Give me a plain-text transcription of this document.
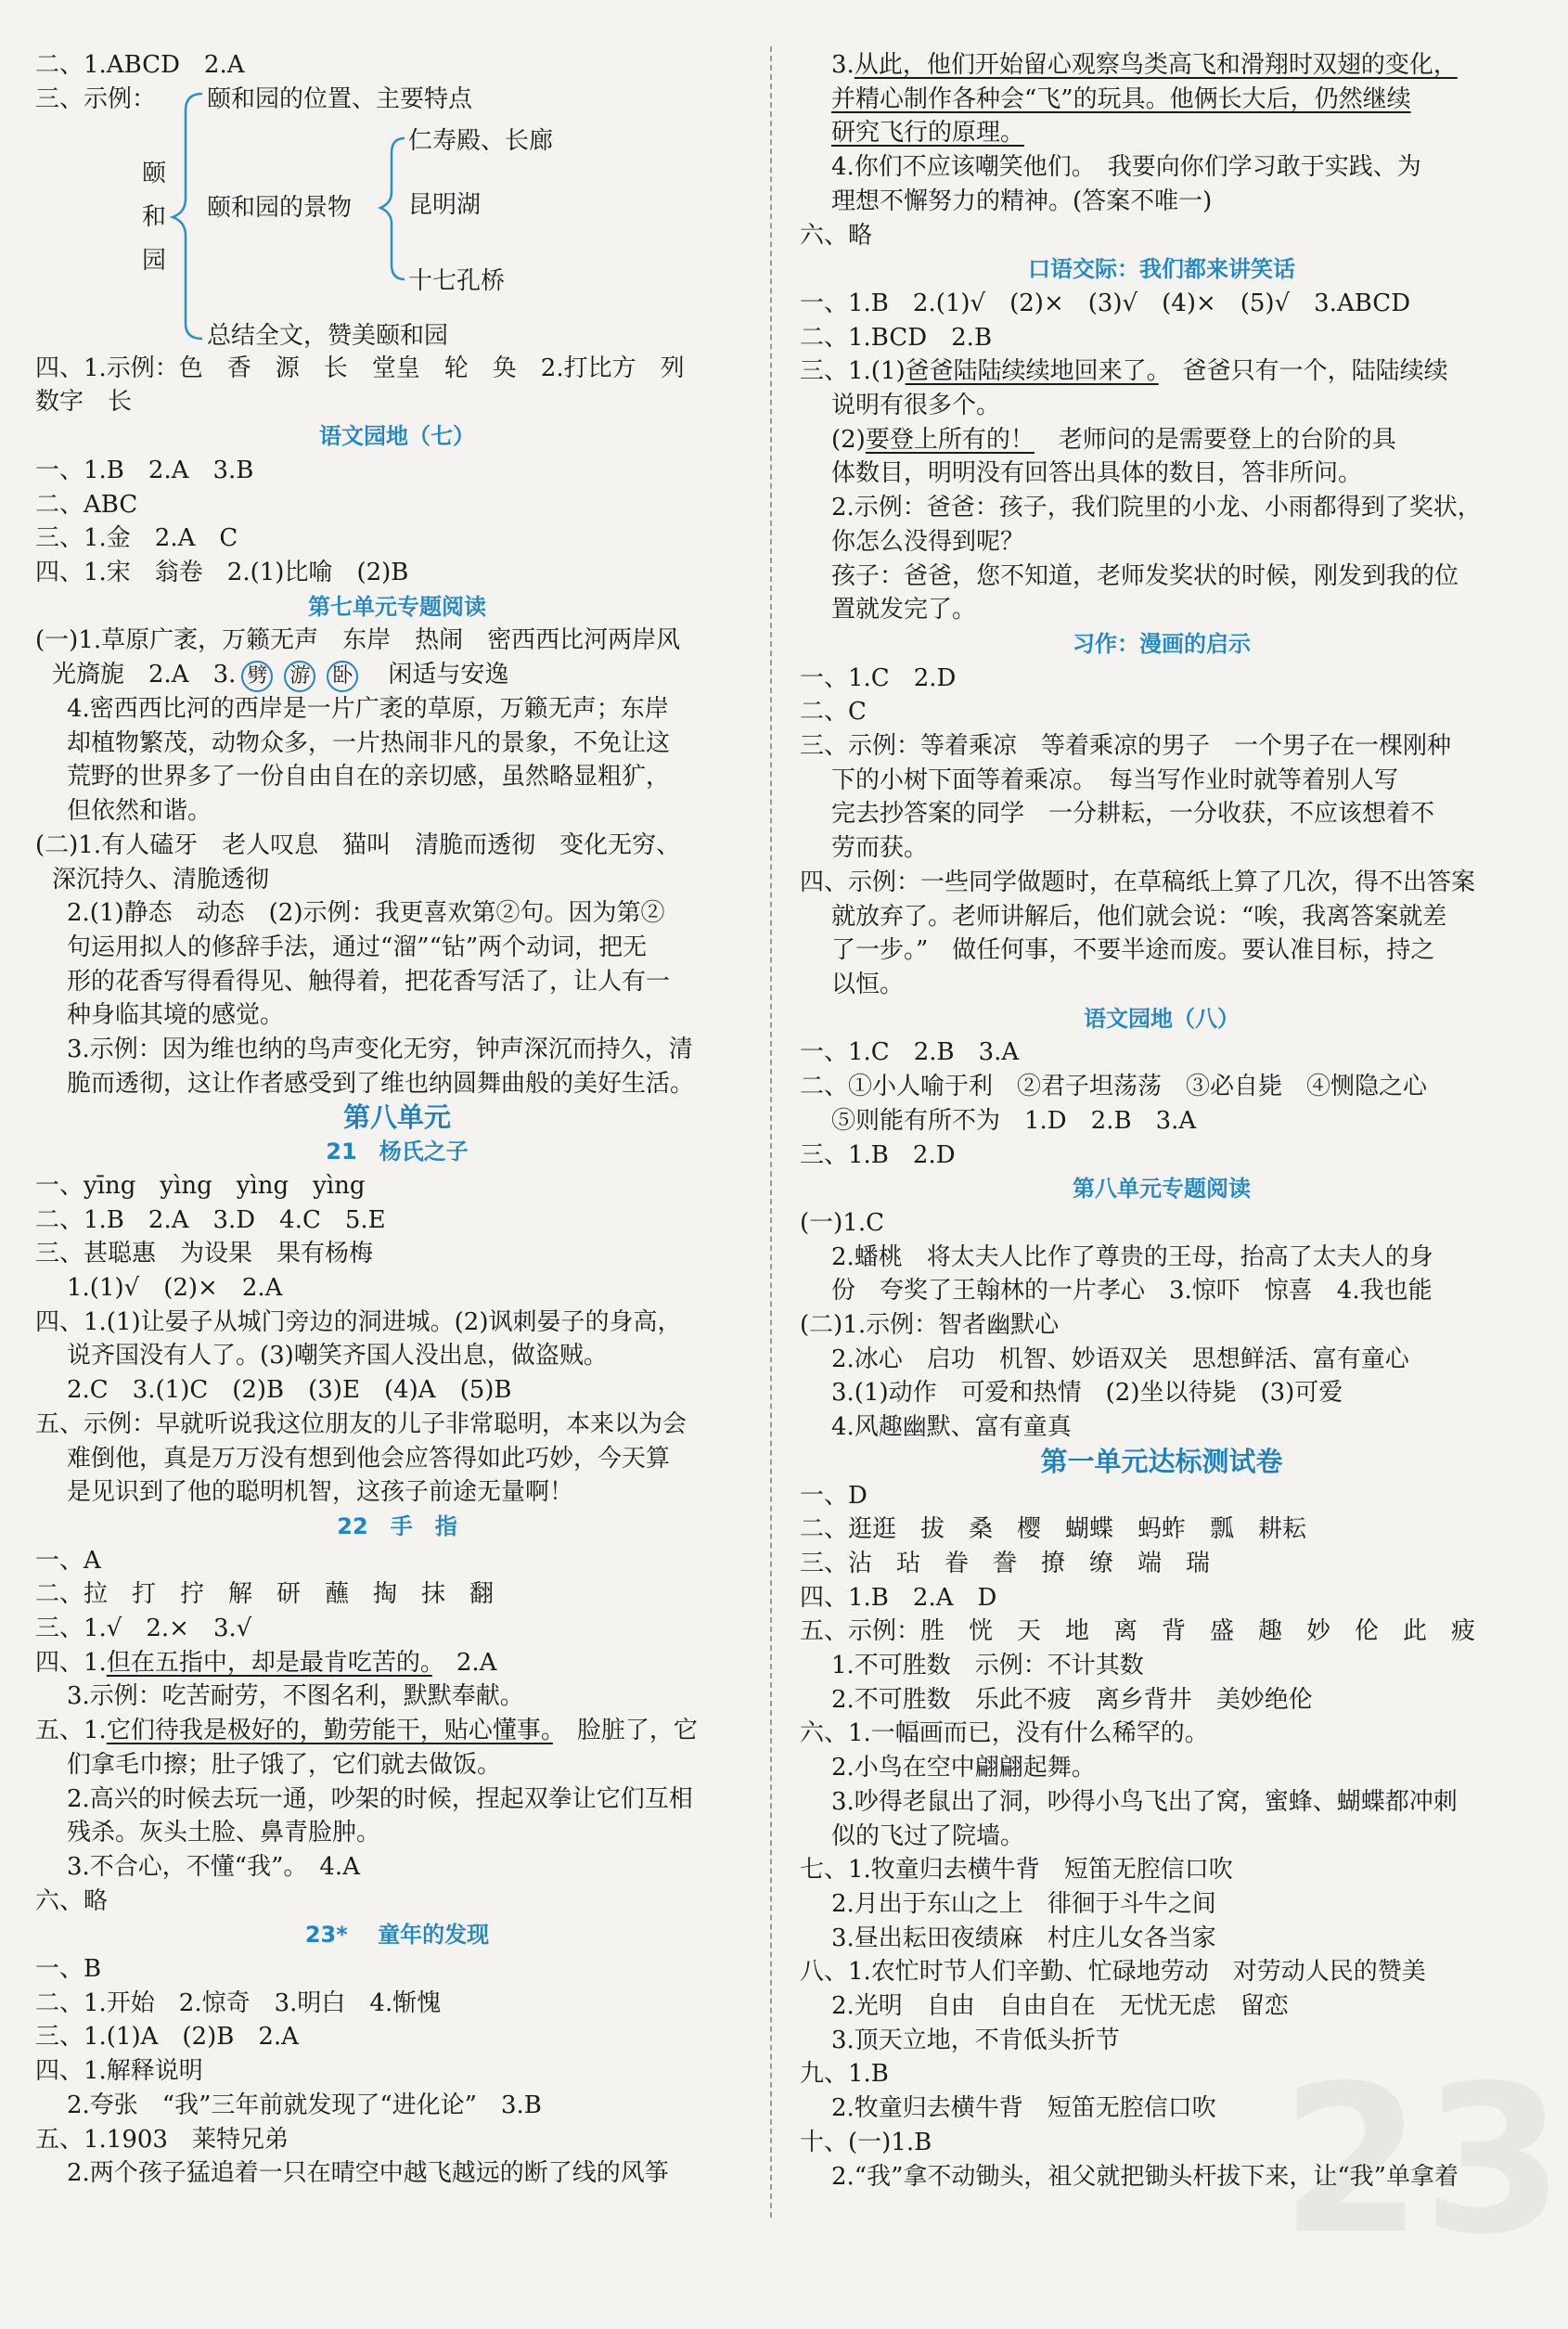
23
二、1.ABCD　2.A
三、示例：
颐
和
园
颐和园的位置、主要特点
颐和园的景物
总结全文，赞美颐和园
仁寿殿、长廊
昆明湖
十七孔桥
四、1.示例：色　香　源　长　堂皇　轮　奂　2.打比方　列
数字　长
语文园地（七）
一、1.B　2.A　3.B
二、ABC
三、1.金　2.A　C
四、1.宋　翁卷　2.(1)比喻　(2)B
第七单元专题阅读
(一)1.草原广袤，万籁无声　东岸　热闹　密西西比河两岸风
光旖旎　2.A　3. 劈 游 卧　闲适与安逸
4.密西西比河的西岸是一片广袤的草原，万籁无声；东岸
却植物繁茂，动物众多，一片热闹非凡的景象，不免让这
荒野的世界多了一份自由自在的亲切感，虽然略显粗犷，
但依然和谐。
(二)1.有人磕牙　老人叹息　猫叫　清脆而透彻　变化无穷、
深沉持久、清脆透彻
2.(1)静态　动态　(2)示例：我更喜欢第②句。因为第②
句运用拟人的修辞手法，通过“溜”“钻”两个动词，把无
形的花香写得看得见、触得着，把花香写活了，让人有一
种身临其境的感觉。
3.示例：因为维也纳的鸟声变化无穷，钟声深沉而持久，清
脆而透彻，这让作者感受到了维也纳圆舞曲般的美好生活。
第八单元
21　杨氏之子
一、yīng　yìng　yìng　yìng
二、1.B　2.A　3.D　4.C　5.E
三、甚聪惠　为设果　果有杨梅
1.(1)√　(2)×　2.A
四、1.(1)让晏子从城门旁边的洞进城。(2)讽刺晏子的身高，
说齐国没有人了。(3)嘲笑齐国人没出息，做盗贼。
2.C　3.(1)C　(2)B　(3)E　(4)A　(5)B
五、示例：早就听说我这位朋友的儿子非常聪明，本来以为会
难倒他，真是万万没有想到他会应答得如此巧妙，今天算
是见识到了他的聪明机智，这孩子前途无量啊！
22　手　指
一、A
二、拉　打　拧　解　研　蘸　掏　抹　翻
三、1.√　2.×　3.√
四、1.但在五指中，却是最肯吃苦的。　2.A
3.示例：吃苦耐劳，不图名利，默默奉献。
五、1.它们待我是极好的，勤劳能干，贴心懂事。　脸脏了，它
们拿毛巾擦；肚子饿了，它们就去做饭。
2.高兴的时候去玩一通，吵架的时候，捏起双拳让它们互相
残杀。灰头土脸、鼻青脸肿。
3.不合心，不懂“我”。　4.A
六、略
23* 　童年的发现
一、B
二、1.开始　2.惊奇　3.明白　4.惭愧
三、1.(1)A　(2)B　2.A
四、1.解释说明
2.夸张　“我”三年前就发现了“进化论”　3.B
五、1.1903　莱特兄弟
2.两个孩子猛追着一只在晴空中越飞越远的断了线的风筝
3.从此，他们开始留心观察鸟类高飞和滑翔时双翅的变化，
并精心制作各种会“飞”的玩具。他俩长大后，仍然继续
研究飞行的原理。
4.你们不应该嘲笑他们。　我要向你们学习敢于实践、为
理想不懈努力的精神。(答案不唯一)
六、略
口语交际：我们都来讲笑话
一、1.B　2.(1)√　(2)×　(3)√　(4)×　(5)√　3.ABCD
二、1.BCD　2.B
三、1.(1)爸爸陆陆续续地回来了。　爸爸只有一个，陆陆续续
说明有很多个。
(2)要登上所有的！　老师问的是需要登上的台阶的具
体数目，明明没有回答出具体的数目，答非所问。
2.示例：爸爸：孩子，我们院里的小龙、小雨都得到了奖状，
你怎么没得到呢？
孩子：爸爸，您不知道，老师发奖状的时候，刚发到我的位
置就发完了。
习作：漫画的启示
一、1.C　2.D
二、C
三、示例：等着乘凉　等着乘凉的男子　一个男子在一棵刚种
下的小树下面等着乘凉。　每当写作业时就等着别人写
完去抄答案的同学　一分耕耘，一分收获，不应该想着不
劳而获。
四、示例：一些同学做题时，在草稿纸上算了几次，得不出答案
就放弃了。老师讲解后，他们就会说：“唉，我离答案就差
了一步。”　做任何事，不要半途而废。要认准目标，持之
以恒。
语文园地（八）
一、1.C　2.B　3.A
二、①小人喻于利　②君子坦荡荡　③必自毙　④恻隐之心
⑤则能有所不为　1.D　2.B　3.A
三、1.B　2.D
第八单元专题阅读
(一)1.C
2.蟠桃　将太夫人比作了尊贵的王母，抬高了太夫人的身
份　夸奖了王翰林的一片孝心　3.惊吓　惊喜　4.我也能
(二)1.示例：智者幽默心
2.冰心　启功　机智、妙语双关　思想鲜活、富有童心
3.(1)动作　可爱和热情　(2)坐以待毙　(3)可爱
4.风趣幽默、富有童真
第一单元达标测试卷
一、D
二、逛逛　拔　桑　樱　蝴蝶　蚂蚱　瓢　耕耘
三、沾　玷　眷　誊　撩　缭　端　瑞
四、1.B　2.A　D
五、示例：胜　恍　天　地　离　背　盛　趣　妙　伦　此　疲
1.不可胜数　示例：不计其数
2.不可胜数　乐此不疲　离乡背井　美妙绝伦
六、1.一幅画而已，没有什么稀罕的。
2.小鸟在空中翩翩起舞。
3.吵得老鼠出了洞，吵得小鸟飞出了窝，蜜蜂、蝴蝶都冲刺
似的飞过了院墙。
七、1.牧童归去横牛背　短笛无腔信口吹
2.月出于东山之上　徘徊于斗牛之间
3.昼出耘田夜绩麻　村庄儿女各当家
八、1.农忙时节人们辛勤、忙碌地劳动　对劳动人民的赞美
2.光明　自由　自由自在　无忧无虑　留恋
3.顶天立地，不肯低头折节
九、1.B
2.牧童归去横牛背　短笛无腔信口吹
十、(一)1.B
2.“我”拿不动锄头，祖父就把锄头杆拔下来，让“我”单拿着
